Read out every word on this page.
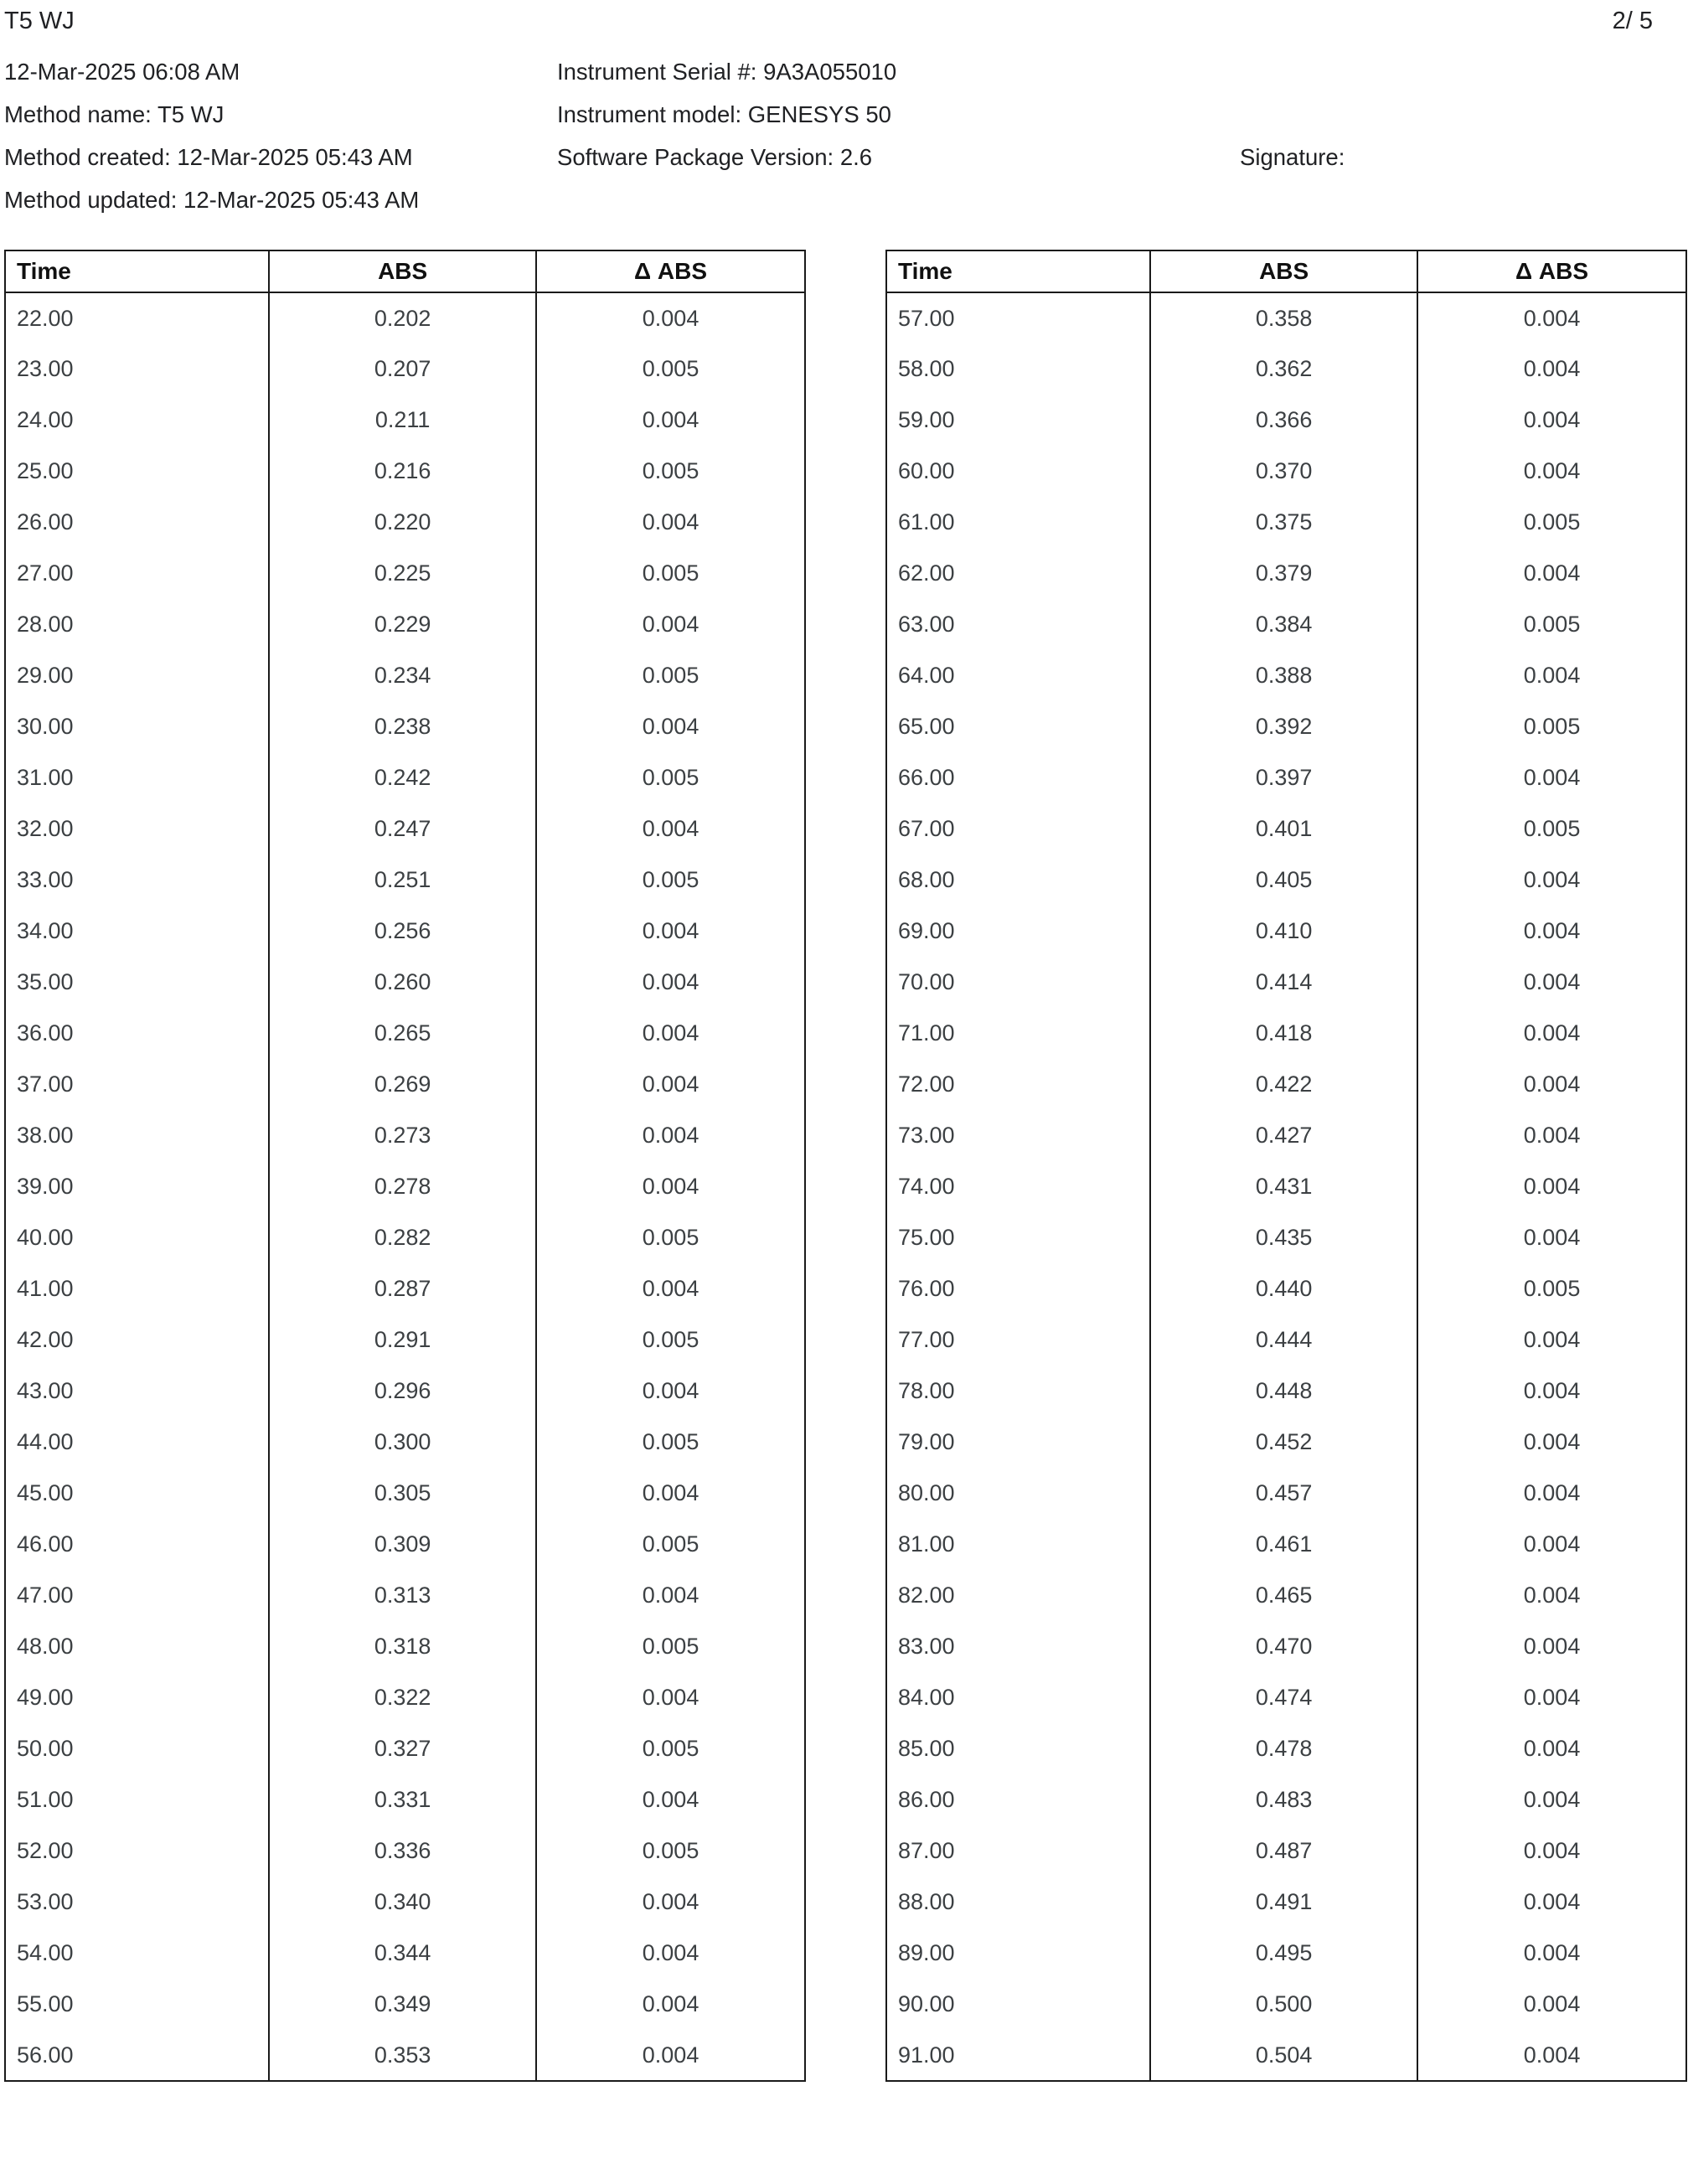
T5 WJ	2/ 5
12-Mar-2025 06:08 AM	Instrument Serial #: 9A3A055010
Method name: T5 WJ	Instrument model: GENESYS 50
Method created: 12-Mar-2025 05:43 AM	Software Package Version: 2.6	Signature:
Method updated: 12-Mar-2025 05:43 AM
Time	ABS	Δ ABS
22.00	0.202	0.004
23.00	0.207	0.005
24.00	0.211	0.004
25.00	0.216	0.005
26.00	0.220	0.004
27.00	0.225	0.005
28.00	0.229	0.004
29.00	0.234	0.005
30.00	0.238	0.004
31.00	0.242	0.005
32.00	0.247	0.004
33.00	0.251	0.005
34.00	0.256	0.004
35.00	0.260	0.004
36.00	0.265	0.004
37.00	0.269	0.004
38.00	0.273	0.004
39.00	0.278	0.004
40.00	0.282	0.005
41.00	0.287	0.004
42.00	0.291	0.005
43.00	0.296	0.004
44.00	0.300	0.005
45.00	0.305	0.004
46.00	0.309	0.005
47.00	0.313	0.004
48.00	0.318	0.005
49.00	0.322	0.004
50.00	0.327	0.005
51.00	0.331	0.004
52.00	0.336	0.005
53.00	0.340	0.004
54.00	0.344	0.004
55.00	0.349	0.004
56.00	0.353	0.004
Time	ABS	Δ ABS
57.00	0.358	0.004
58.00	0.362	0.004
59.00	0.366	0.004
60.00	0.370	0.004
61.00	0.375	0.005
62.00	0.379	0.004
63.00	0.384	0.005
64.00	0.388	0.004
65.00	0.392	0.005
66.00	0.397	0.004
67.00	0.401	0.005
68.00	0.405	0.004
69.00	0.410	0.004
70.00	0.414	0.004
71.00	0.418	0.004
72.00	0.422	0.004
73.00	0.427	0.004
74.00	0.431	0.004
75.00	0.435	0.004
76.00	0.440	0.005
77.00	0.444	0.004
78.00	0.448	0.004
79.00	0.452	0.004
80.00	0.457	0.004
81.00	0.461	0.004
82.00	0.465	0.004
83.00	0.470	0.004
84.00	0.474	0.004
85.00	0.478	0.004
86.00	0.483	0.004
87.00	0.487	0.004
88.00	0.491	0.004
89.00	0.495	0.004
90.00	0.500	0.004
91.00	0.504	0.004
